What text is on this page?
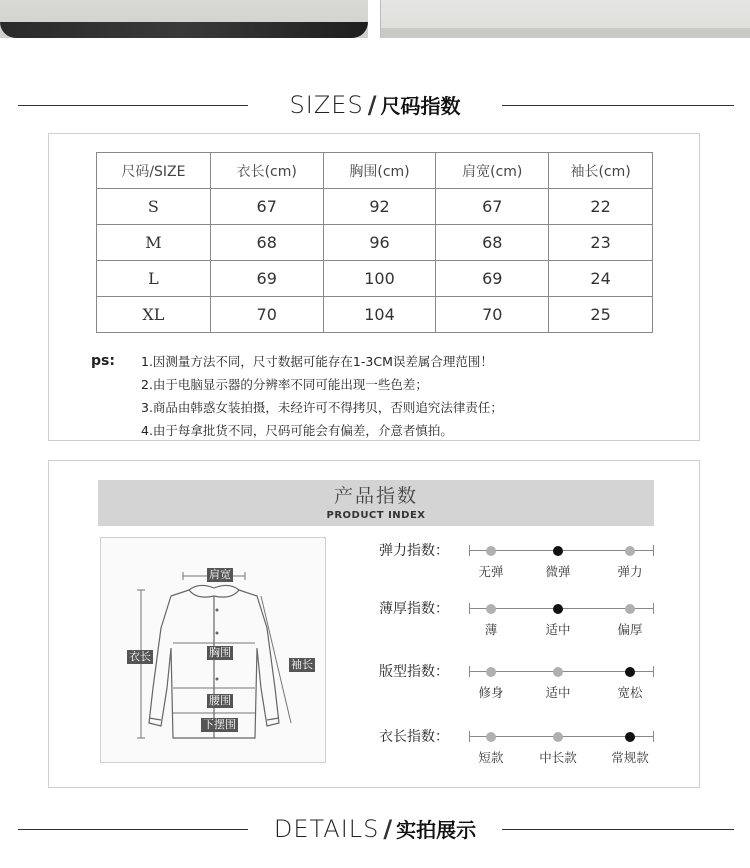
SIZES / 尺码指数
尺码/SIZE	衣长(cm)	胸围(cm)	肩宽(cm)	袖长(cm)
S	67	92	67	22
M	68	96	68	23
L	69	100	69	24
XL	70	104	70	25
ps: 1.因测量方法不同，尺寸数据可能存在1-3CM误差属合理范围！
2.由于电脑显示器的分辨率不同可能出现一些色差；
3.商品由韩惑女装拍摄，未经许可不得拷贝，否则追究法律责任；
4.由于每拿批货不同，尺码可能会有偏差，介意者慎拍。
产品指数
PRODUCT INDEX
肩宽
衣长	胸围
袖长
腰围
下摆围
弹力指数：
无弹	微弹	弹力
薄厚指数：
薄	适中	偏厚
版型指数：
修身	适中	宽松
衣长指数：
短款	中长款	常规款
DETAILS / 实拍展示
